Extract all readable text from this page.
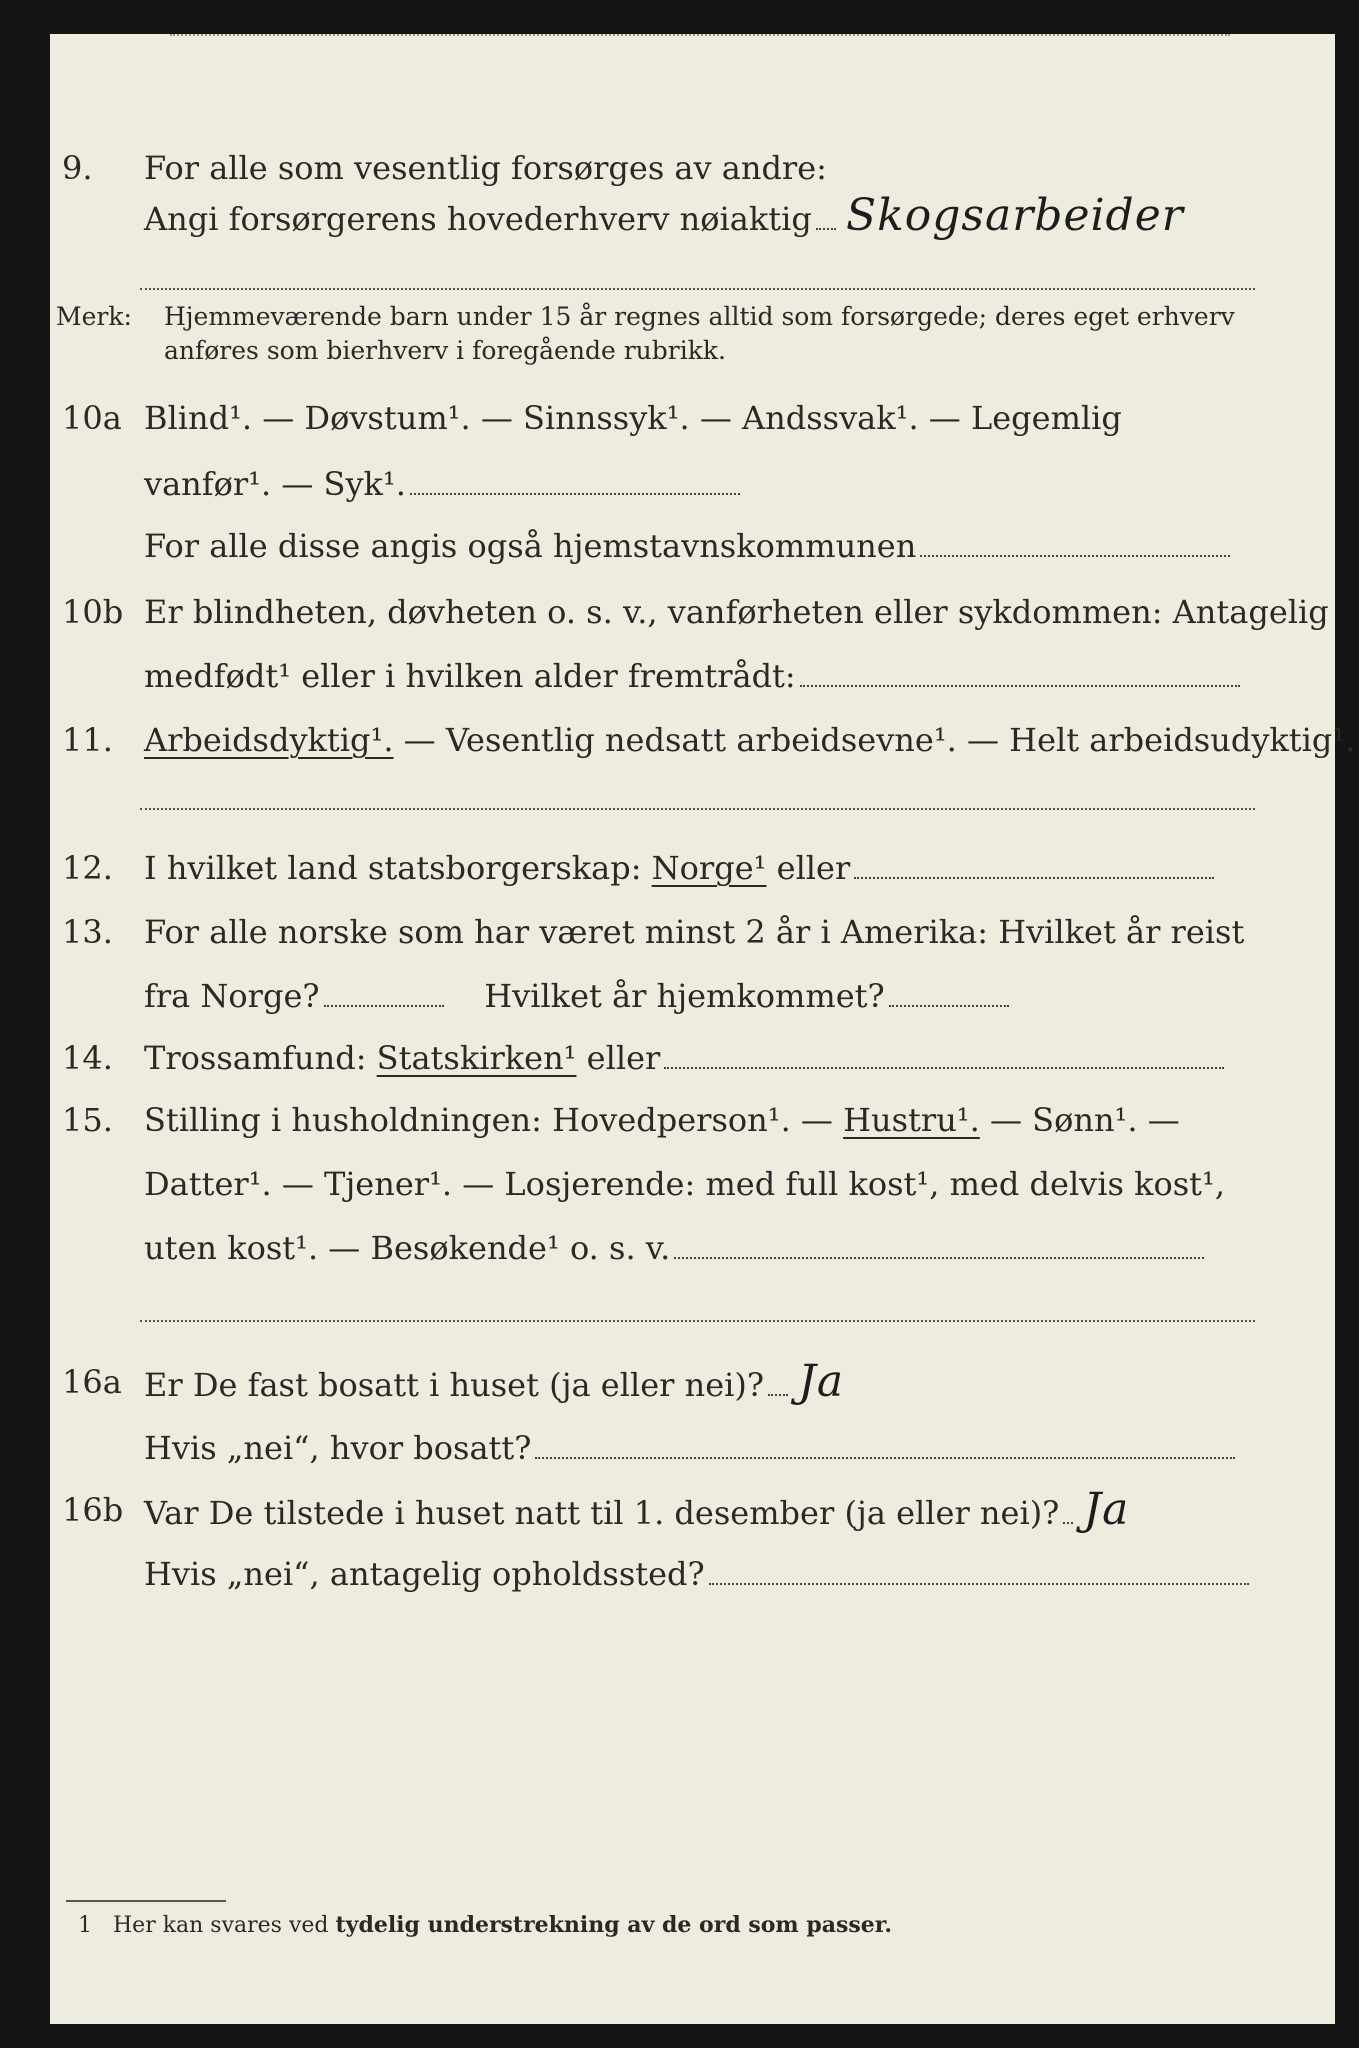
9.	For alle som vesentlig forsørges av andre:
Angi forsørgerens hovederhverv nøiaktig Skogsarbeider
Merk: Hjemmeværende barn under 15 år regnes alltid som forsørgede; deres eget erhverv anføres som bierhverv i foregående rubrikk.
10a Blind¹. — Døvstum¹. — Sinnssyk¹. — Andssvak¹. — Legemlig
vanfør¹. — Syk¹.
For alle disse angis også hjemstavnskommunen
10b Er blindheten, døvheten o. s. v., vanførheten eller sykdommen: Antagelig
medfødt¹ eller i hvilken alder fremtrådt:
11. Arbeidsdyktig¹. — Vesentlig nedsatt arbeidsevne¹. — Helt arbeidsudyktig¹.
12. I hvilket land statsborgerskap: Norge¹ eller
13. For alle norske som har været minst 2 år i Amerika: Hvilket år reist
fra Norge?	Hvilket år hjemkommet?
14. Trossamfund: Statskirken¹ eller
15. Stilling i husholdningen: Hovedperson¹. — Hustru¹. — Sønn¹. —
Datter¹. — Tjener¹. — Losjerende: med full kost¹, med delvis kost¹,
uten kost¹. — Besøkende¹ o. s. v.
16a Er De fast bosatt i huset (ja eller nei)? Ja
Hvis „nei“, hvor bosatt?
16b Var De tilstede i huset natt til 1. desember (ja eller nei)? Ja
Hvis „nei“, antagelig opholdssted?
1 Her kan svares ved tydelig understrekning av de ord som passer.
